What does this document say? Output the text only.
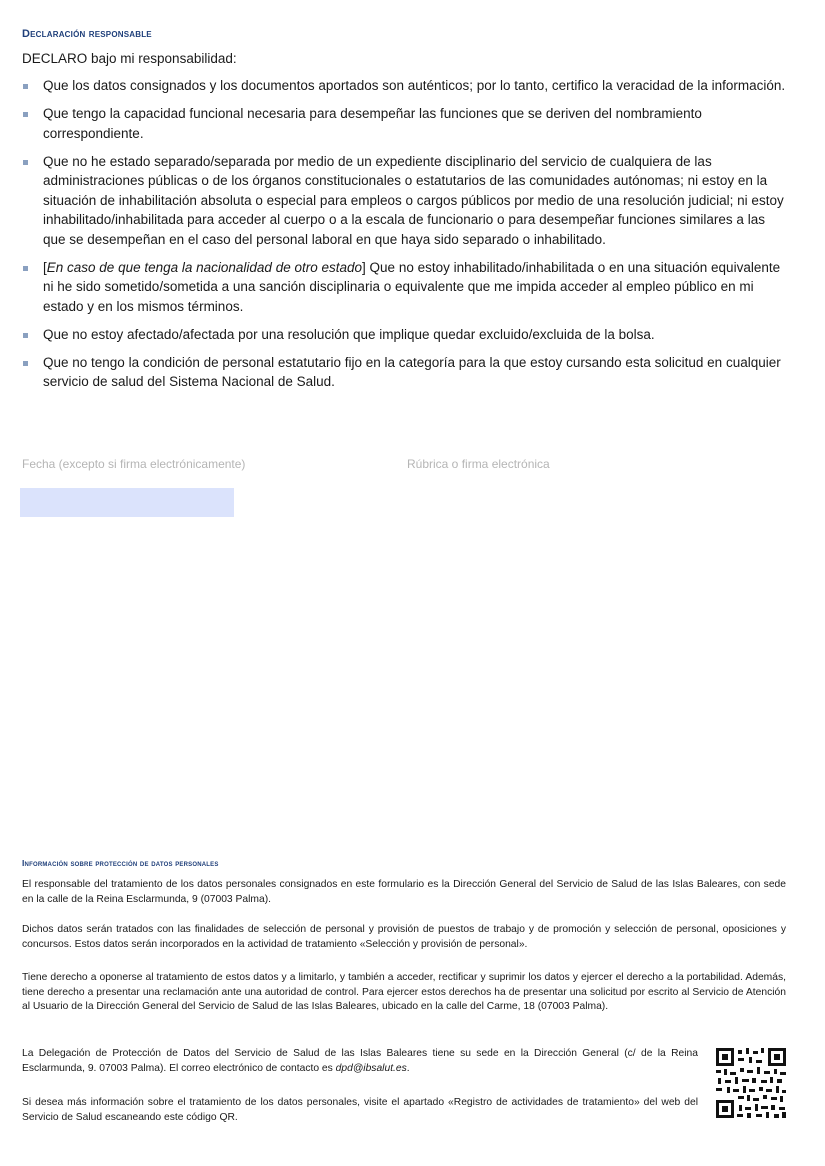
Declaración responsable
DECLARO bajo mi responsabilidad:
Que los datos consignados y los documentos aportados son auténticos; por lo tanto, certifico la veracidad de la información.
Que tengo la capacidad funcional necesaria para desempeñar las funciones que se deriven del nombramiento correspondiente.
Que no he estado separado/separada por medio de un expediente disciplinario del servicio de cualquiera de las administraciones públicas o de los órganos constitucionales o estatutarios de las comunidades autónomas; ni estoy en la situación de inhabilitación absoluta o especial para empleos o cargos públicos por medio de una resolución judicial; ni estoy inhabilitado/inhabilitada para acceder al cuerpo o a la escala de funcionario o para desempeñar funciones similares a las que se desempeñan en el caso del personal laboral en que haya sido separado o inhabilitado.
[En caso de que tenga la nacionalidad de otro estado] Que no estoy inhabilitado/inhabilitada o en una situación equivalente ni he sido sometido/sometida a una sanción disciplinaria o equivalente que me impida acceder al empleo público en mi estado y en los mismos términos.
Que no estoy afectado/afectada por una resolución que implique quedar excluido/excluida de la bolsa.
Que no tengo la condición de personal estatutario fijo en la categoría para la que estoy cursando esta solicitud en cualquier servicio de salud del Sistema Nacional de Salud.
Fecha (excepto si firma electrónicamente)	Rúbrica o firma electrónica
Información sobre protección de datos personales

El responsable del tratamiento de los datos personales consignados en este formulario es la Dirección General del Servicio de Salud de las Islas Baleares, con sede en la calle de la Reina Esclarmunda, 9 (07003 Palma).

Dichos datos serán tratados con las finalidades de selección de personal y provisión de puestos de trabajo y de promoción y selección de personal, oposiciones y concursos. Estos datos serán incorporados en la actividad de tratamiento «Selección y provisión de personal».

Tiene derecho a oponerse al tratamiento de estos datos y a limitarlo, y también a acceder, rectificar y suprimir los datos y ejercer el derecho a la portabilidad. Además, tiene derecho a presentar una reclamación ante una autoridad de control. Para ejercer estos derechos ha de presentar una solicitud por escrito al Servicio de Atención al Usuario de la Dirección General del Servicio de Salud de las Islas Baleares, ubicado en la calle del Carme, 18 (07003 Palma).

La Delegación de Protección de Datos del Servicio de Salud de las Islas Baleares tiene su sede en la Dirección General (c/ de la Reina Esclarmunda, 9. 07003 Palma). El correo electrónico de contacto es dpd@ibsalut.es.

Si desea más información sobre el tratamiento de los datos personales, visite el apartado «Registro de actividades de tratamiento» del web del Servicio de Salud escaneando este código QR.
